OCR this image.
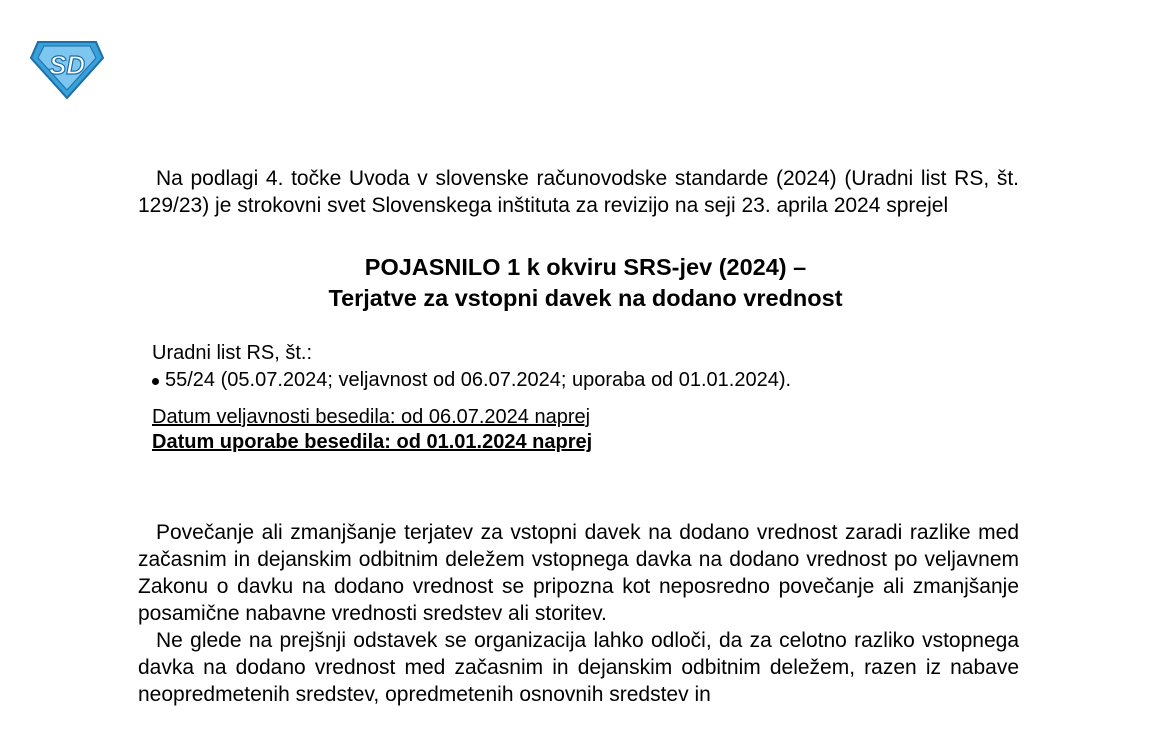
SD

Na podlagi 4. točke Uvoda v slovenske računovodske standarde (2024) (Uradni list RS, št. 129/23) je strokovni svet Slovenskega inštituta za revizijo na seji 23. aprila 2024 sprejel

POJASNILO 1 k okviru SRS-jev (2024) –
Terjatve za vstopni davek na dodano vrednost
Uradni list RS, št.:
55/24 (05.07.2024; veljavnost od 06.07.2024; uporaba od 01.01.2024).
Datum veljavnosti besedila: od 06.07.2024 naprej
Datum uporabe besedila: od 01.01.2024 naprej

Povečanje ali zmanjšanje terjatev za vstopni davek na dodano vrednost zaradi razlike med začasnim in dejanskim odbitnim deležem vstopnega davka na dodano vrednost po veljavnem Zakonu o davku na dodano vrednost se pripozna kot neposredno povečanje ali zmanjšanje posamične nabavne vrednosti sredstev ali storitev.

Ne glede na prejšnji odstavek se organizacija lahko odloči, da za celotno razliko vstopnega davka na dodano vrednost med začasnim in dejanskim odbitnim deležem, razen iz nabave neopredmetenih sredstev, opredmetenih osnovnih sredstev in
